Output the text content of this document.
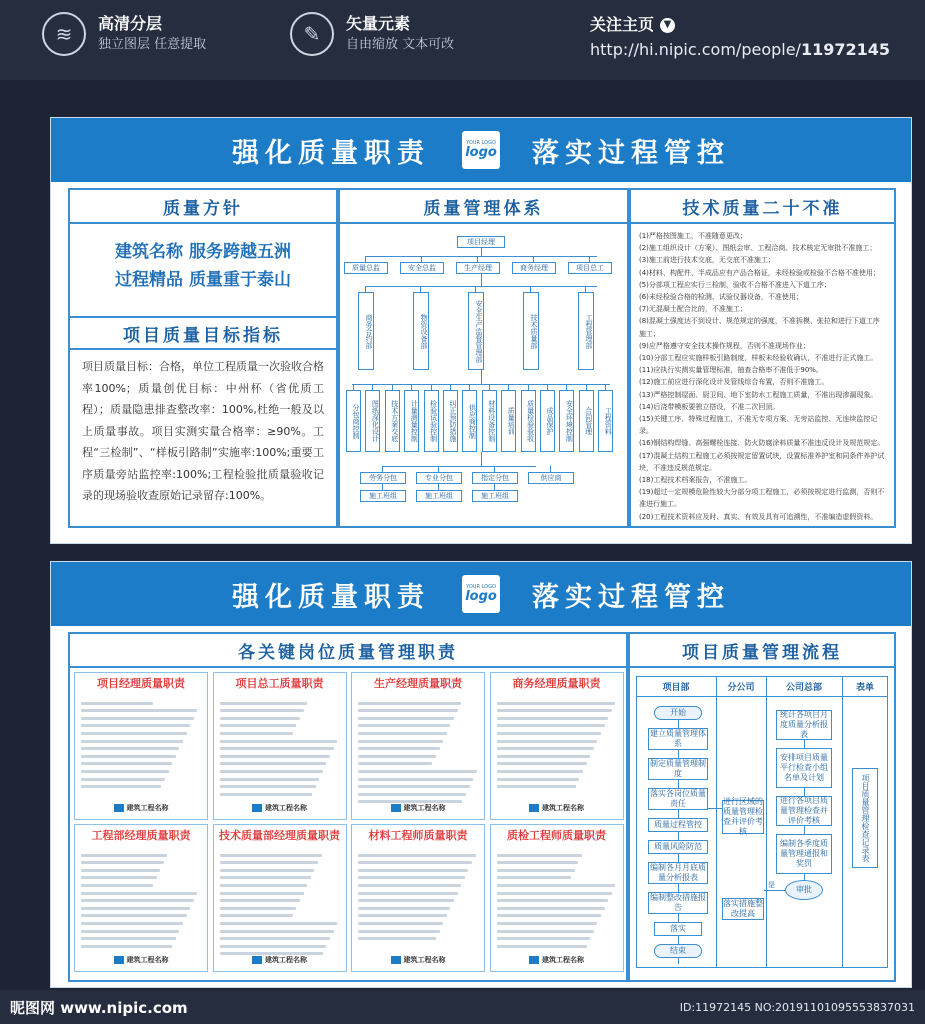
≋	高清分层
独立图层 任意提取	✎	矢量元素
自由缩放 文本可改
关注主页 ▼
http://hi.nipic.com/people/11972145
强化质量职责	YOUR LOGO
logo 落实过程管控
质量方针
建筑名称 服务跨越五洲
过程精品 质量重于泰山
项目质量目标指标
项目质量目标：合格，单位工程质量一次验收合格率100%；质量创优目标：中州杯（省优质工程）；质量隐患排查整改率：100%,杜绝一般及以上质量事故。项目实测实量合格率：≥90%。工程“三检制”、“样板引路制”实施率:100%;重要工序质量旁站监控率:100%;工程检验批质量验收记录的现场验收查原始记录留存:100%。
质量管理体系
项目经理
质量总监	安全总监	生产经理	商务经理	项目总工
商务合约部	物资设备部	安全生产监督管理部	技术质量部	工程管理部
分包商控制	图纸深化设计	技术方案交底	计量测量控制	检验试验控制	纠正预防措施	供应商控制	材料设备控制	质量培训	质量检验验收	成品保护	安全环境控制	合同管理	工程资料
劳务分包	专业分包	指定分包	供应商
施工班组	施工班组	施工班组
技术质量二十不准
(1)严格按图施工，不准随意更改；
(2)施工组织设计（方案）、图纸会审、工程洽商、技术核定无审批不准施工；
(3)施工前进行技术交底，无交底不准施工；
(4)材料、构配件、半成品应有产品合格证，未经检验或检验不合格不准使用；
(5)分部项工程应实行三检制，验收不合格不准进入下道工序；
(6)未经检验合格的检测、试验仪器设备，不准使用；
(7)无混凝土配合比的，不准施工；
(8)混凝土强度达不到设计、规范规定的强度，不准拆模、张拉和进行下道工序施工；
(9)应严格遵守安全技术操作规程，否则不准现场作业；
(10)分部工程应实施样板引路制度，样板未经验收确认，不准进行正式施工。
(11)应执行实测实量管理标准，抽查合格率不准低于90%。
(12)施工前应进行深化设计及管线综合布置，否则不准施工。
(13)严格控制屋面、厨卫间、地下室防水工程施工质量，不准出现渗漏现象。
(14)后浇带模板要独立搭设，不准二次回顶。
(15)关键工序、特殊过程施工，不准无专项方案、无旁站监控、无连续监控记录。
(16)钢结构焊缝、高强螺栓连接、防火防腐涂料质量不准违反设计及规范规定。
(17)混凝土结构工程施工必须按规定留置试块，设置标准养护室和同条件养护试块，不准违反规范规定。
(18)工程技术档案报告，不准施工。
(19)超过一定规模危险性较大分部分项工程施工，必须按规定进行监测，否则不准进行施工。
(20)工程技术资料应及时、真实、有效及具有可追溯性，不准编造虚假资料。
强化质量职责	YOUR LOGO
logo 落实过程管控
各关键岗位质量管理职责
项目经理质量职责
建筑工程名称
项目总工质量职责
建筑工程名称
生产经理质量职责
建筑工程名称
商务经理质量职责
建筑工程名称
工程部经理质量职责
建筑工程名称
技术质量部经理质量职责
建筑工程名称
材料工程师质量职责
建筑工程名称
质检工程师质量职责
建筑工程名称
项目质量管理流程
项目部	分公司	公司总部	表单
开始
建立质量管理体系
制定质量管理制度
落实各岗位质量责任
质量过程管控
质量风险防范
编制各月月底质量分析报表
编制整改措施报告
落实
结束
进行区域的质量管理检查并评价考核
落实措施整改提高
统计各项目月度质量分析报表
安排项目质量平行检查小组名单及计划
进行各项目质量管理检查并评价考核
编制各季度质量管理通报和奖罚
审批
是
项目质量管理检查记录表
昵图网 www.nipic.com	ID:11972145 NO:20191101095553837031
